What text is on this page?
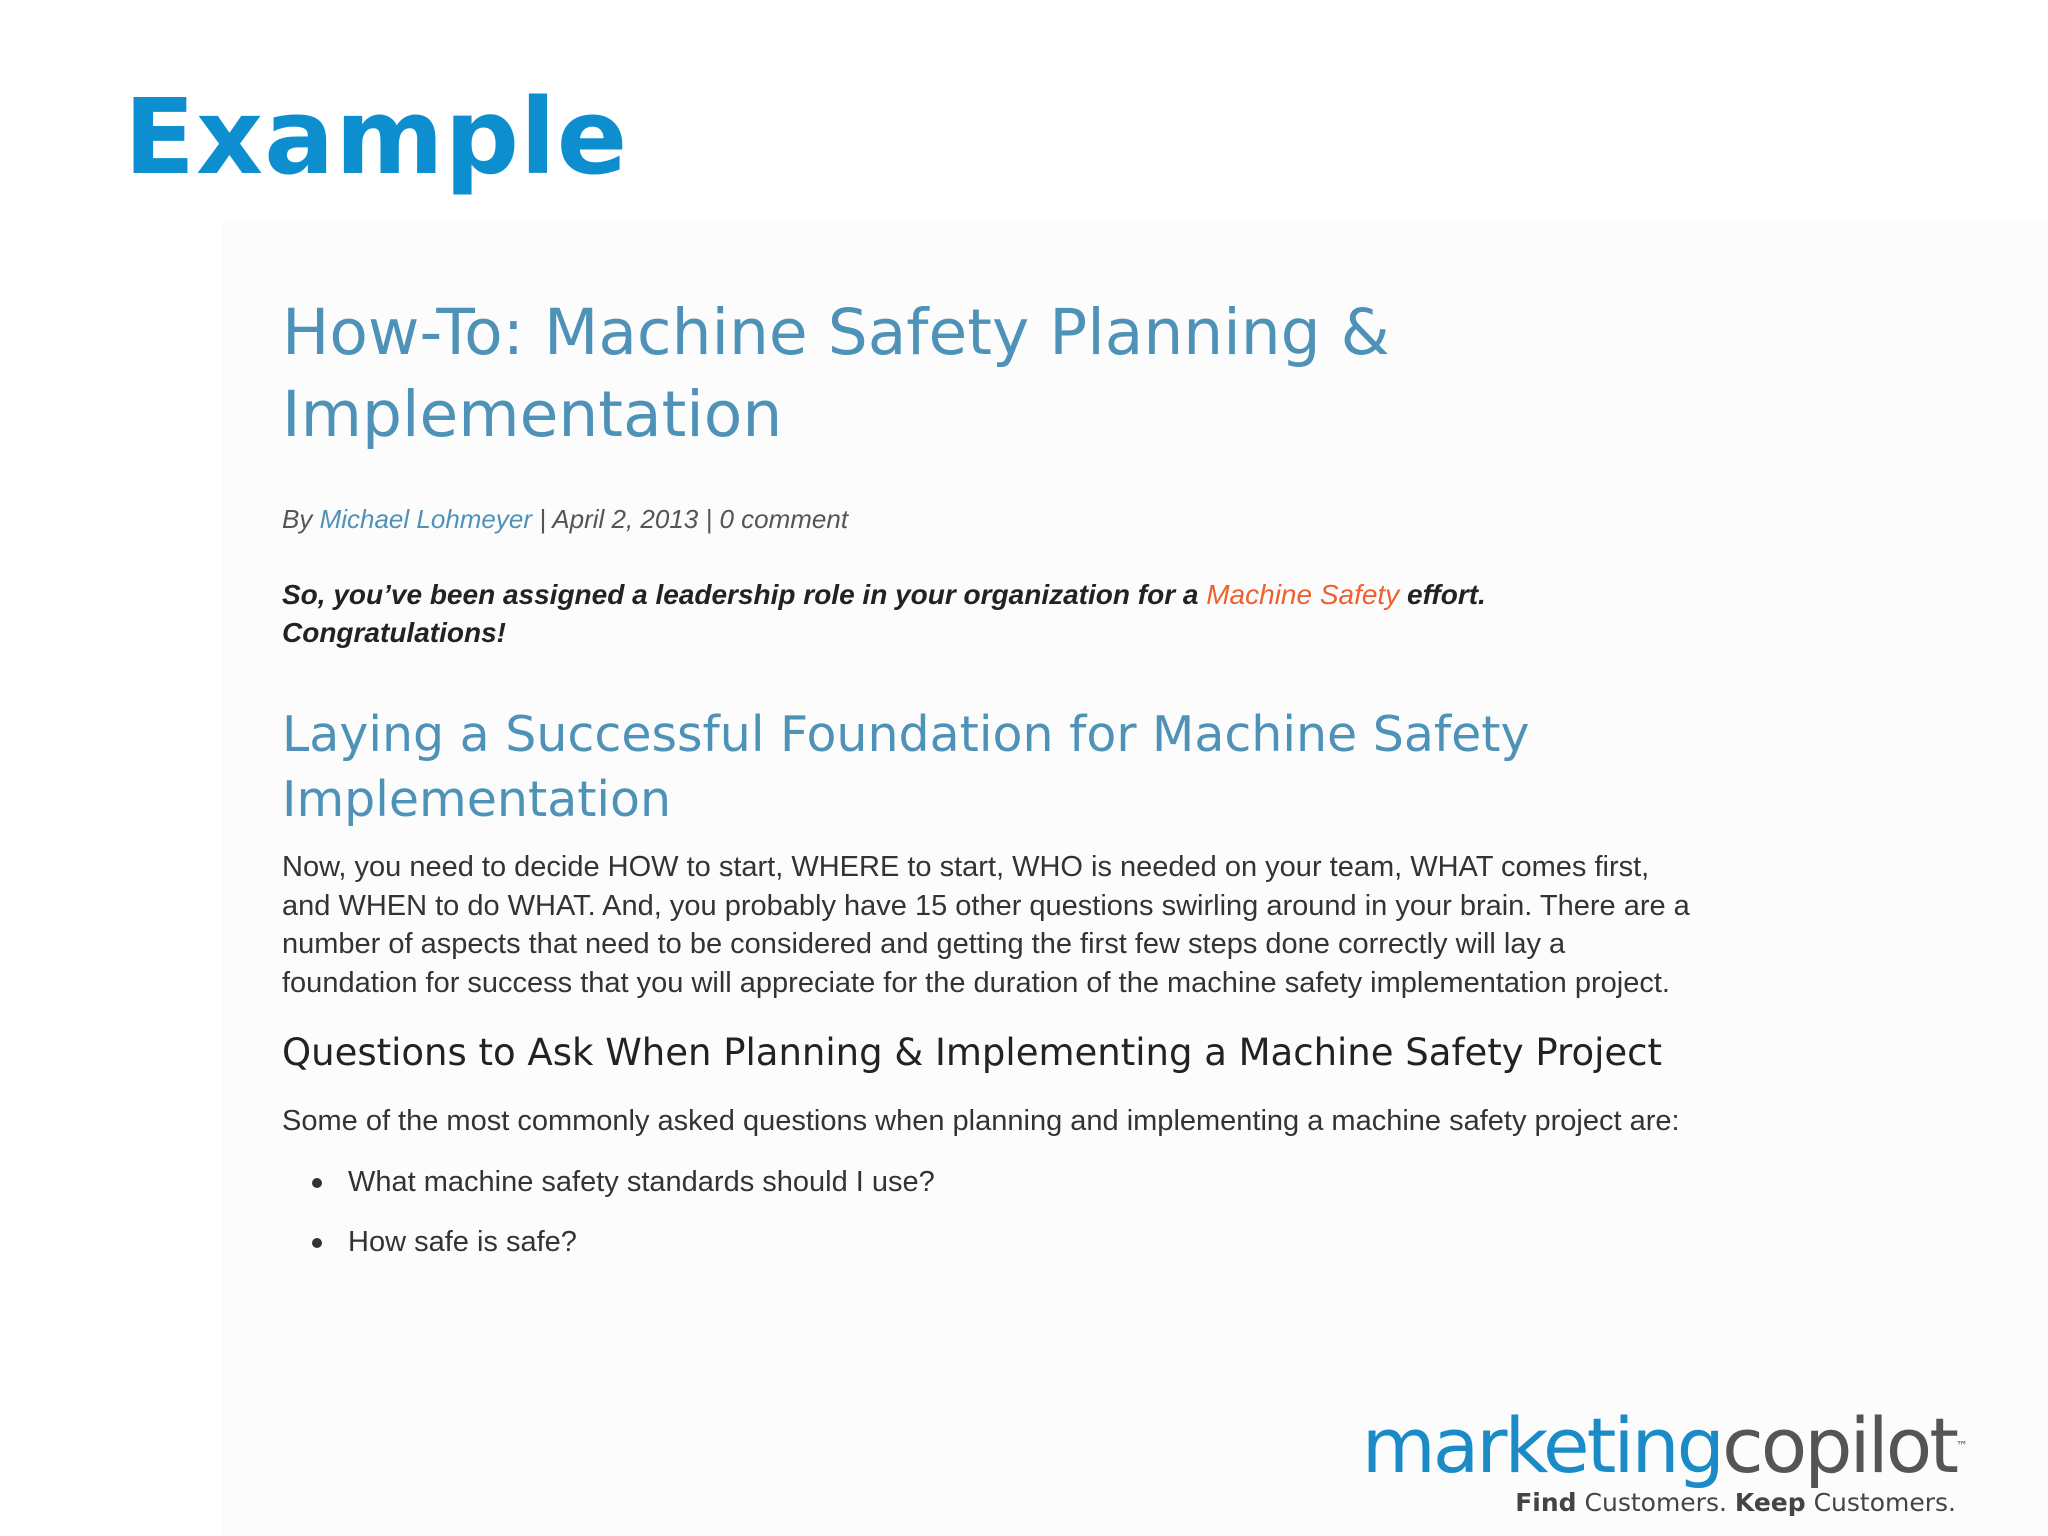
Example
How-To: Machine Safety Planning & Implementation
By Michael Lohmeyer | April 2, 2013 | 0 comment
So, you’ve been assigned a leadership role in your organization for a Machine Safety effort. Congratulations!
Laying a Successful Foundation for Machine Safety Implementation

Now, you need to decide HOW to start, WHERE to start, WHO is needed on your team, WHAT comes first, and WHEN to do WHAT. And, you probably have 15 other questions swirling around in your brain. There are a number of aspects that need to be considered and getting the first few steps done correctly will lay a foundation for success that you will appreciate for the duration of the machine safety implementation project.

Questions to Ask When Planning & Implementing a Machine Safety Project

Some of the most commonly asked questions when planning and implementing a machine safety project are:

What machine safety standards should I use?
How safe is safe?
marketingcopilot™
Find Customers. Keep Customers.
